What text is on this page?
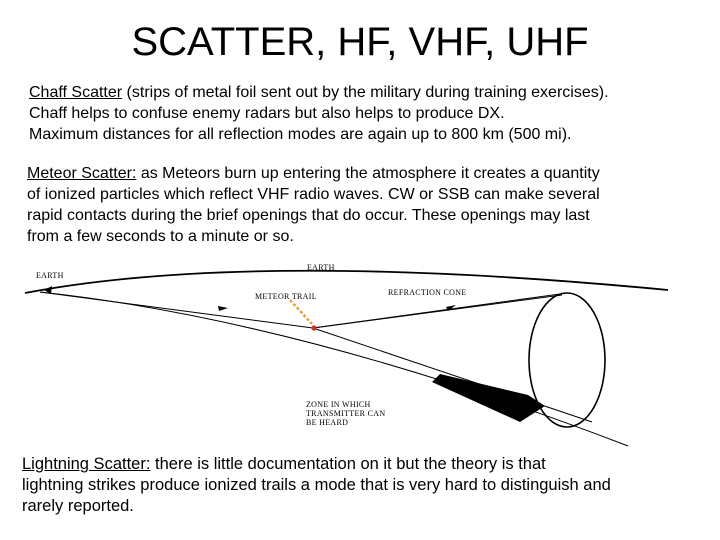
SCATTER, HF, VHF, UHF
Chaff Scatter (strips of metal foil sent out by the military during training exercises).
Chaff helps to confuse enemy radars but also helps to produce DX.
Maximum distances for all reflection modes are again up to 800 km (500 mi).
Meteor Scatter: as Meteors burn up entering the atmosphere it creates a quantity
of ionized particles which reflect VHF radio waves. CW or SSB can make several
rapid contacts during the brief openings that do occur. These openings may last
from a few seconds to a minute or so.
EARTH
EARTH
METEOR TRAIL	REFRACTION CONE
ZONE IN WHICH
TRANSMITTER CAN
BE HEARD
Lightning Scatter: there is little documentation on it but the theory is that
lightning strikes produce ionized trails a mode that is very hard to distinguish and
rarely reported.
